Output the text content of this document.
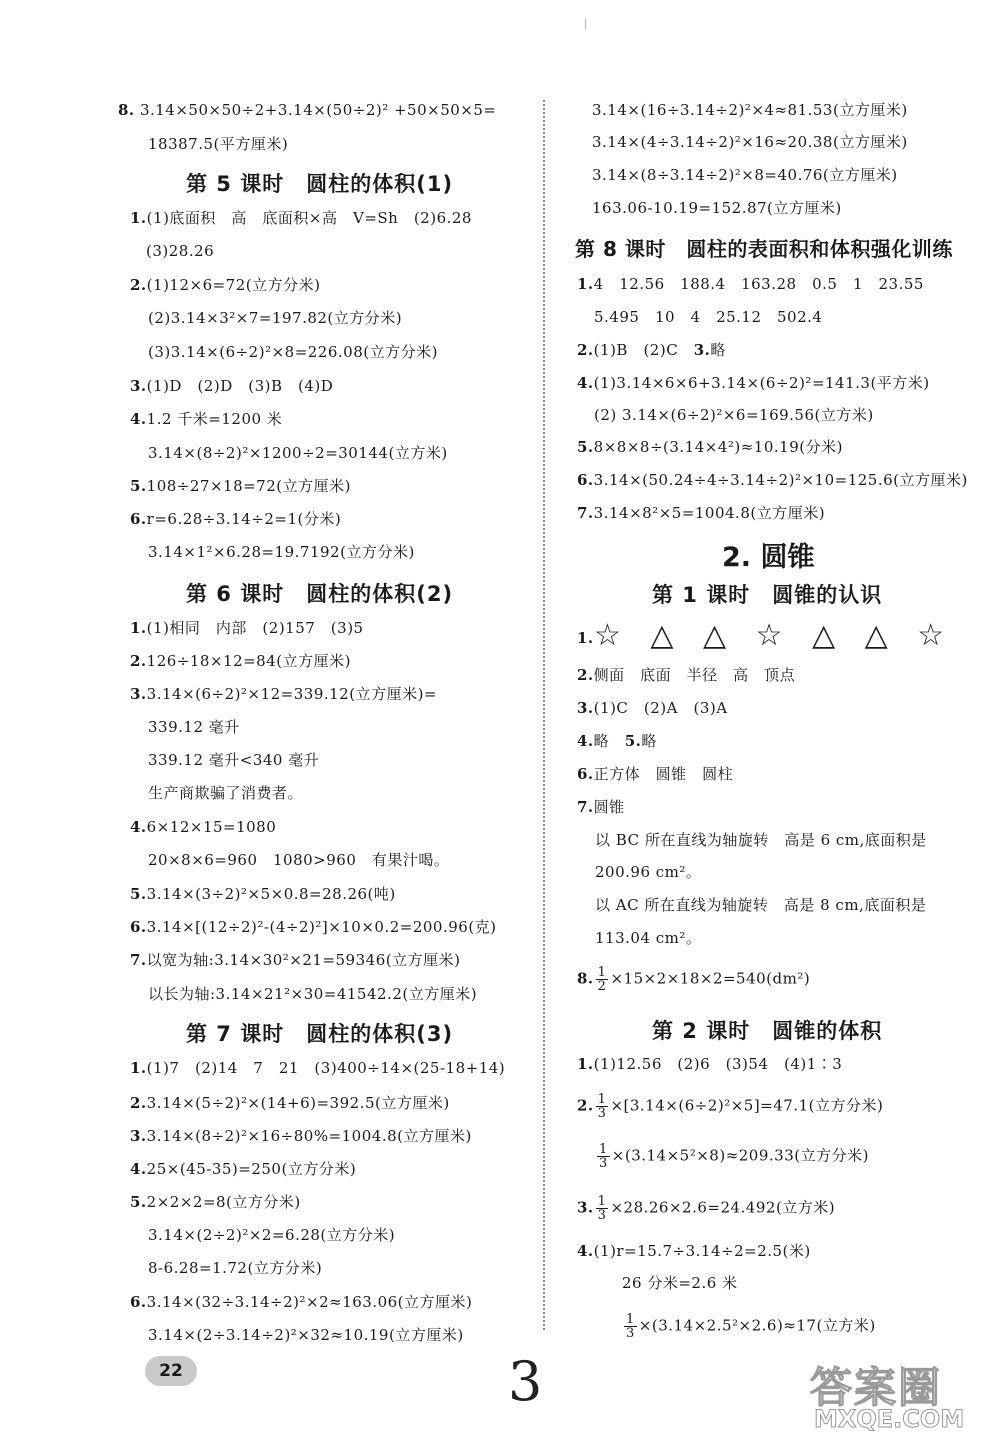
8. 3.14×50×50÷2+3.14×(50÷2)² +50×50×5=
18387.5(平方厘米)
第 5 课时　圆柱的体积(1)
1.(1)底面积　高　底面积×高　V=Sh　(2)6.28
(3)28.26
2.(1)12×6=72(立方分米)
(2)3.14×3²×7=197.82(立方分米)
(3)3.14×(6÷2)²×8=226.08(立方分米)
3.(1)D　(2)D　(3)B　(4)D
4.1.2 千米=1200 米
3.14×(8÷2)²×1200÷2=30144(立方米)
5.108÷27×18=72(立方厘米)
6.r=6.28÷3.14÷2=1(分米)
3.14×1²×6.28=19.7192(立方分米)
第 6 课时　圆柱的体积(2)
1.(1)相同　内部　(2)157　(3)5
2.126÷18×12=84(立方厘米)
3.3.14×(6÷2)²×12=339.12(立方厘米)=
339.12 毫升
339.12 毫升<340 毫升
生产商欺骗了消费者。
4.6×12×15=1080
20×8×6=960　1080>960　有果汁喝。
5.3.14×(3÷2)²×5×0.8=28.26(吨)
6.3.14×[(12÷2)²-(4÷2)²]×10×0.2=200.96(克)
7.以宽为轴:3.14×30²×21=59346(立方厘米)
以长为轴:3.14×21²×30=41542.2(立方厘米)
第 7 课时　圆柱的体积(3)
1.(1)7　(2)14　7　21　(3)400÷14×(25-18+14)
2.3.14×(5÷2)²×(14+6)=392.5(立方厘米)
3.3.14×(8÷2)²×16÷80%=1004.8(立方厘米)
4.25×(45-35)=250(立方分米)
5.2×2×2=8(立方分米)
3.14×(2÷2)²×2=6.28(立方分米)
8-6.28=1.72(立方分米)
6.3.14×(32÷3.14÷2)²×2≈163.06(立方厘米)
3.14×(2÷3.14÷2)²×32≈10.19(立方厘米)
3.14×(16÷3.14÷2)²×4≈81.53(立方厘米)
3.14×(4÷3.14÷2)²×16≈20.38(立方厘米)
3.14×(8÷3.14÷2)²×8=40.76(立方厘米)
163.06-10.19=152.87(立方厘米)
第 8 课时　圆柱的表面积和体积强化训练
1.4　12.56　188.4　163.28　0.5　1　23.55
5.495　10　4　25.12　502.4
2.(1)B　(2)C　 3.略
4.(1)3.14×6×6+3.14×(6÷2)²=141.3(平方米)
(2) 3.14×(6÷2)²×6=169.56(立方米)
5.8×8×8÷(3.14×4²)≈10.19(分米)
6.3.14×(50.24÷4÷3.14÷2)²×10=125.6(立方厘米)
7.3.14×8²×5=1004.8(立方厘米)
2. 圆锥
第 1 课时　圆锥的认识
1. ☆ △ △ ☆ △ △ ☆
2.侧面　底面　半径　高　顶点
3.(1)C　(2)A　(3)A
4.略　 5.略
6.正方体　圆锥　圆柱
7.圆锥
以 BC 所在直线为轴旋转　高是 6 cm,底面积是
200.96 cm²。
以 AC 所在直线为轴旋转　高是 8 cm,底面积是
113.04 cm²。
8. $\frac{1}{2} \times 15\times 2\times 18\times 2=540(dm^2)$
第 2 课时　圆锥的体积
1.(1)12.56　(2)6　(3)54　(4)1∶3
2. $\frac{1}{3} \times[3.14\times(6\div 2)^2\times 5]=47.1$(立方分米)
$\frac{1}{3} \times(3.14\times 5^2\times 8)\approx 209.33$(立方分米)
3. $\frac{1}{3} \times 28.26\times 2.6=24.492$(立方米)
4.(1)r=15.7÷3.14÷2=2.5(米)
26 分米=2.6 米
$\frac{1}{3} \times(3.14\times 2.5^2\times 2.6)\approx 17$(立方米)
22	3	答案圈
MXQE.COM
